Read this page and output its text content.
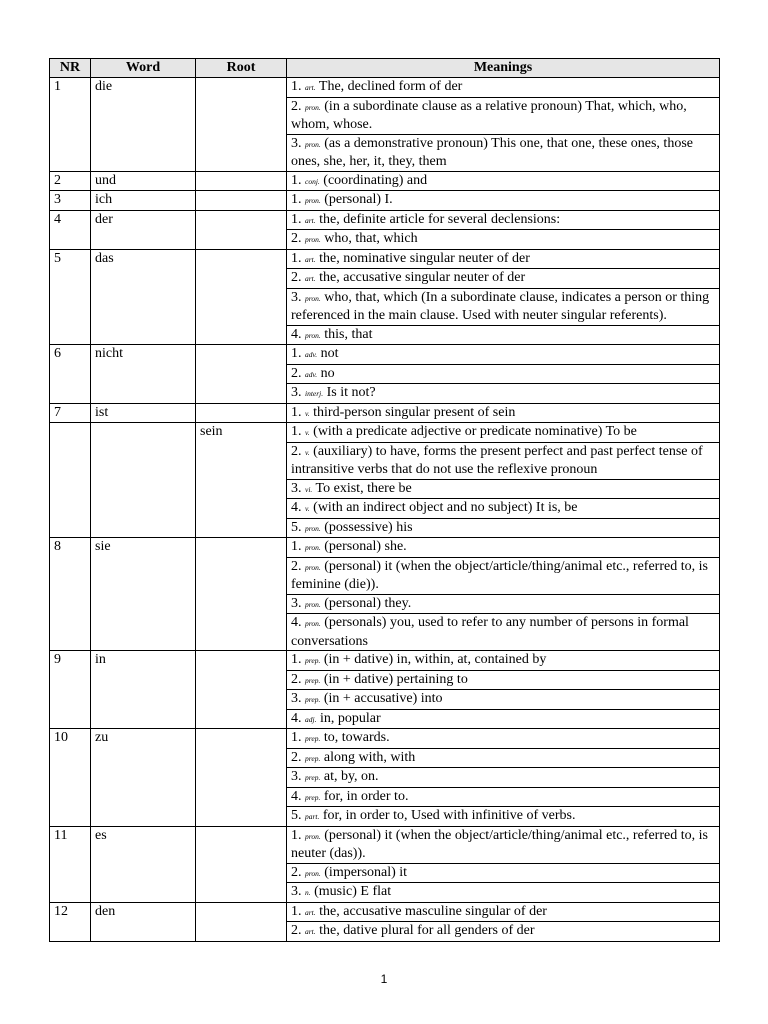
NR	Word	Root	Meanings
1	die		1. art. The, declined form of der
			2. pron. (in a subordinate clause as a relative pronoun) That, which, who, whom, whose.
			3. pron. (as a demonstrative pronoun) This one, that one, these ones, those ones, she, her, it, they, them
2	und		1. conj. (coordinating) and
3	ich		1. pron. (personal) I.
4	der		1. art. the, definite article for several declensions:
			2. pron. who, that, which
5	das		1. art. the, nominative singular neuter of der
			2. art. the, accusative singular neuter of der
			3. pron. who, that, which (In a subordinate clause, indicates a person or thing referenced in the main clause. Used with neuter singular referents).
			4. pron. this, that
6	nicht		1. adv. not
			2. adv. no
			3. interj. Is it not?
7	ist		1. v. third-person singular present of sein
		sein	1. v. (with a predicate adjective or predicate nominative) To be
			2. v. (auxiliary) to have, forms the present perfect and past perfect tense of intransitive verbs that do not use the reflexive pronoun
			3. vi. To exist, there be
			4. v. (with an indirect object and no subject) It is, be
			5. pron. (possessive) his
8	sie		1. pron. (personal) she.
			2. pron. (personal) it (when the object/article/thing/animal etc., referred to, is feminine (die)).
			3. pron. (personal) they.
			4. pron. (personals) you, used to refer to any number of persons in formal conversations
9	in		1. prep. (in + dative) in, within, at, contained by
			2. prep. (in + dative) pertaining to
			3. prep. (in + accusative) into
			4. adj. in, popular
10	zu		1. prep. to, towards.
			2. prep. along with, with
			3. prep. at, by, on.
			4. prep. for, in order to.
			5. part. for, in order to, Used with infinitive of verbs.
11	es		1. pron. (personal) it (when the object/article/thing/animal etc., referred to, is neuter (das)).
			2. pron. (impersonal) it
			3. n. (music) E flat
12	den		1. art. the, accusative masculine singular of der
			2. art. the, dative plural for all genders of der
1
